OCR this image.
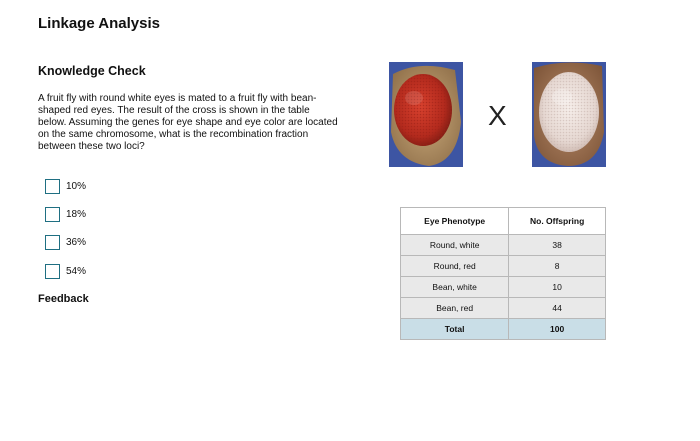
Linkage Analysis
Knowledge Check

A fruit fly with round white eyes is mated to a fruit fly with bean-shaped red eyes. The result of the cross is shown in the table below. Assuming the genes for eye shape and eye color are located on the same chromosome, what is the recombination fraction between these two loci?

10%
18%
36%
54%
Feedback
X
Eye Phenotype	No. Offspring
Round, white	38
Round, red	8
Bean, white	10
Bean, red	44
Total	100
